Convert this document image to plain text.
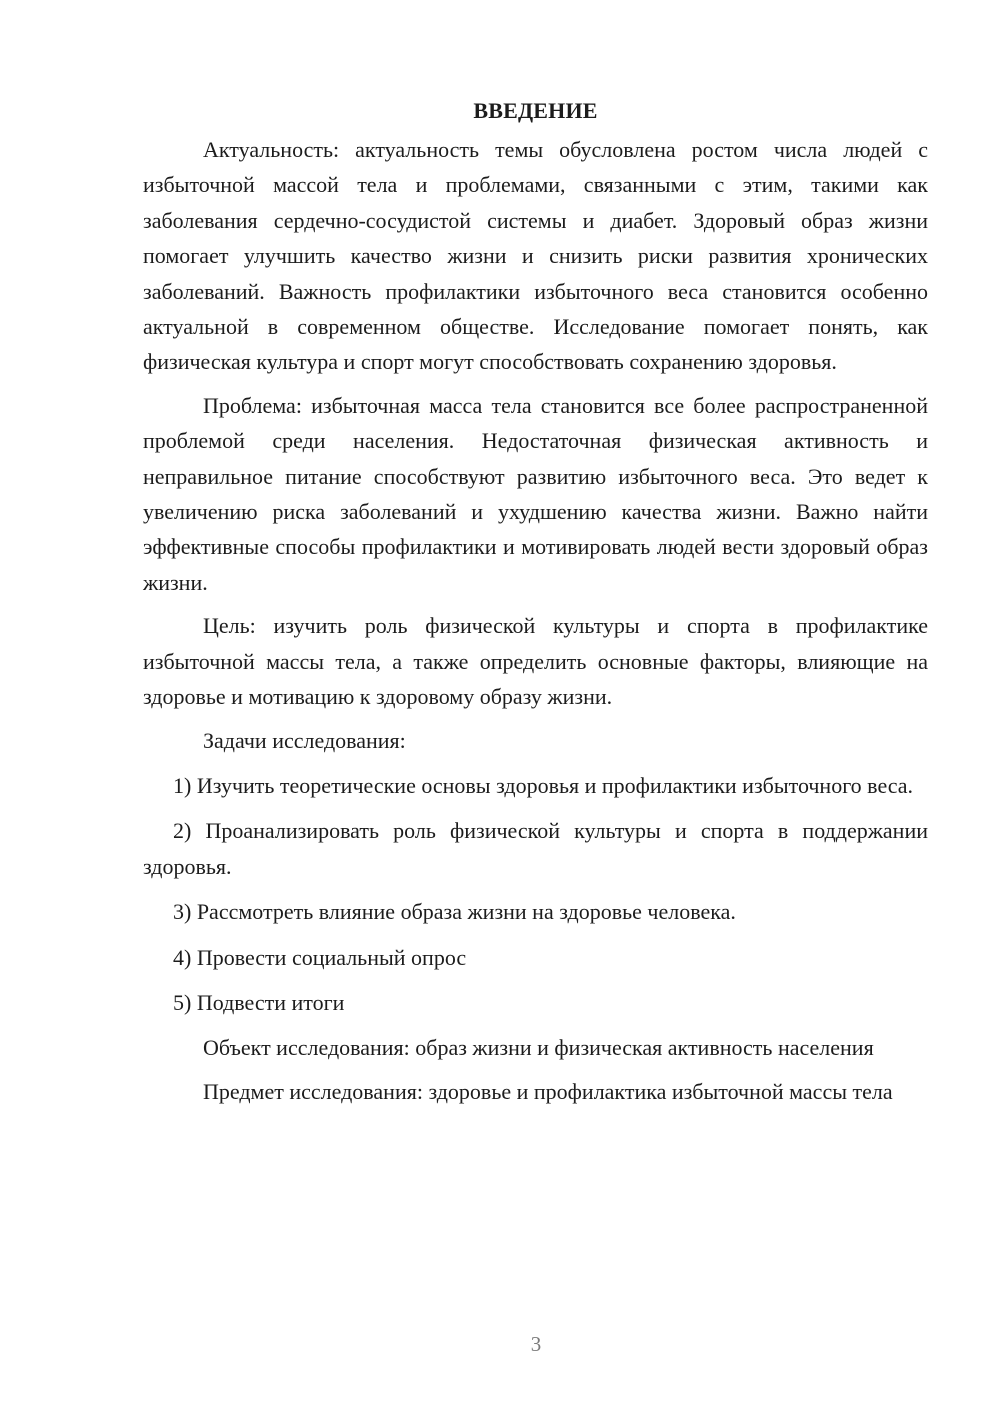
ВВЕДЕНИЕ

Актуальность: актуальность темы обусловлена ростом числа людей с избыточной массой тела и проблемами, связанными с этим, такими как заболевания сердечно-сосудистой системы и диабет. Здоровый образ жизни помогает улучшить качество жизни и снизить риски развития хронических заболеваний. Важность профилактики избыточного веса становится особенно актуальной в современном обществе. Исследование помогает понять, как физическая культура и спорт могут способствовать сохранению здоровья.

Проблема: избыточная масса тела становится все более распространенной проблемой среди населения. Недостаточная физическая активность и неправильное питание способствуют развитию избыточного веса. Это ведет к увеличению риска заболеваний и ухудшению качества жизни. Важно найти эффективные способы профилактики и мотивировать людей вести здоровый образ жизни.

Цель: изучить роль физической культуры и спорта в профилактике избыточной массы тела, а также определить основные факторы, влияющие на здоровье и мотивацию к здоровому образу жизни.

Задачи исследования:

1) Изучить теоретические основы здоровья и профилактики избыточного веса.

2) Проанализировать роль физической культуры и спорта в поддержании здоровья.

3) Рассмотреть влияние образа жизни на здоровье человека.

4) Провести социальный опрос

5) Подвести итоги

Объект исследования: образ жизни и физическая активность населения

Предмет исследования: здоровье и профилактика избыточной массы тела

3
